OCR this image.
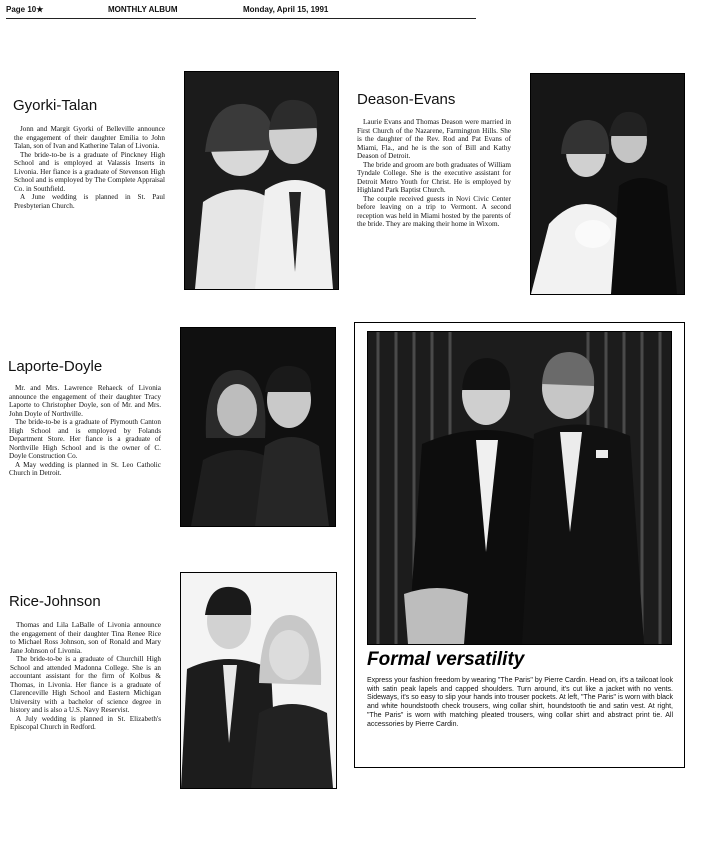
Page 10★	MONTHLY ALBUM	Monday, April 15, 1991
Gyorki-Talan

Jonn and Margit Gyorki of Belleville announce the engagement of their daughter Emilia to John Talan, son of Ivan and Katherine Talan of Livonia.

The bride-to-be is a graduate of Pinckney High School and is employed at Valassis Inserts in Livonia. Her fiance is a graduate of Stevenson High School and is employed by The Complete Appraisal Co. in Southfield.

A June wedding is planned in St. Paul Presbyterian Church.

Deason-Evans

Laurie Evans and Thomas Deason were married in First Church of the Nazarene, Farmington Hills. She is the daughter of the Rev. Rod and Pat Evans of Miami, Fla., and he is the son of Bill and Kathy Deason of Detroit.

The bride and groom are both graduates of William Tyndale College. She is the executive assistant for Detroit Metro Youth for Christ. He is employed by Highland Park Baptist Church.

The couple received guests in Novi Civic Center before leaving on a trip to Vermont. A second reception was held in Miami hosted by the parents of the bride. They are making their home in Wixom.

Laporte-Doyle

Mr. and Mrs. Lawrence Rehaeck of Livonia announce the engagement of their daughter Tracy Laporte to Christopher Doyle, son of Mr. and Mrs. John Doyle of Northville.

The bride-to-be is a graduate of Plymouth Canton High School and is employed by Folands Department Store. Her fiance is a graduate of Northville High School and is the owner of C. Doyle Construction Co.

A May wedding is planned in St. Leo Catholic Church in Detroit.

Rice-Johnson

Thomas and Lila LaBalle of Livonia announce the engagement of their daughter Tina Renee Rice to Michael Ross Johnson, son of Ronald and Mary Jane Johnson of Livonia.

The bride-to-be is a graduate of Churchill High School and attended Madonna College. She is an accountant assistant for the firm of Kolbus & Thomas, in Livonia. Her fiance is a graduate of Clarenceville High School and Eastern Michigan University with a bachelor of science degree in history and is also a U.S. Navy Reservist.

A July wedding is planned in St. Elizabeth's Episcopal Church in Redford.

Formal versatility

Express your fashion freedom by wearing "The Paris" by Pierre Cardin. Head on, it's a tailcoat look with satin peak lapels and capped shoulders. Turn around, it's cut like a jacket with no vents. Sideways, it's so easy to slip your hands into trouser pockets. At left, "The Paris" is worn with black and white houndstooth check trousers, wing collar shirt, houndstooth tie and satin vest. At right, "The Paris" is worn with matching pleated trousers, wing collar shirt and abstract print tie. All accessories by Pierre Cardin.
